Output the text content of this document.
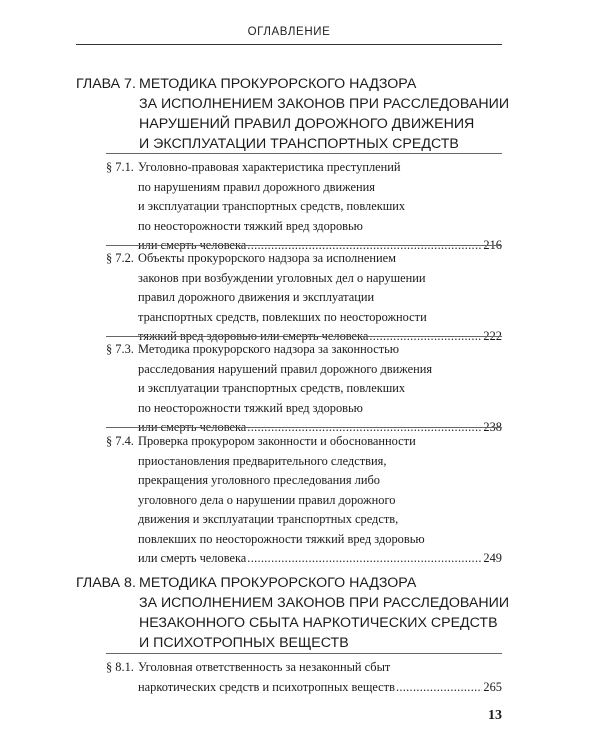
ОГЛАВЛЕНИЕ
ГЛАВА 7. МЕТОДИКА ПРОКУРОРСКОГО НАДЗОРА
ЗА ИСПОЛНЕНИЕМ ЗАКОНОВ ПРИ РАССЛЕДОВАНИИ
НАРУШЕНИЙ ПРАВИЛ ДОРОЖНОГО ДВИЖЕНИЯ
И ЭКСПЛУАТАЦИИ ТРАНСПОРТНЫХ СРЕДСТВ
§ 7.1. Уголовно-правовая характеристика преступлений
по нарушениям правил дорожного движения
и эксплуатации транспортных средств, повлекших
по неосторожности тяжкий вред здоровью
или смерть человека .....	216
§ 7.2. Объекты прокурорского надзора за исполнением
законов при возбуждении уголовных дел о нарушении
правил дорожного движения и эксплуатации
транспортных средств, повлекших по неосторожности
тяжкий вред здоровью или смерть человека .....	222
§ 7.3. Методика прокурорского надзора за законностью
расследования нарушений правил дорожного движения
и эксплуатации транспортных средств, повлекших
по неосторожности тяжкий вред здоровью
или смерть человека .....	238
§ 7.4. Проверка прокурором законности и обоснованности
приостановления предварительного следствия,
прекращения уголовного преследования либо
уголовного дела о нарушении правил дорожного
движения и эксплуатации транспортных средств,
повлекших по неосторожности тяжкий вред здоровью
или смерть человека .....	249
ГЛАВА 8. МЕТОДИКА ПРОКУРОРСКОГО НАДЗОРА
ЗА ИСПОЛНЕНИЕМ ЗАКОНОВ ПРИ РАССЛЕДОВАНИИ
НЕЗАКОННОГО СБЫТА НАРКОТИЧЕСКИХ СРЕДСТВ
И ПСИХОТРОПНЫХ ВЕЩЕСТВ
§ 8.1. Уголовная ответственность за незаконный сбыт
наркотических средств и психотропных веществ .....	265
13
